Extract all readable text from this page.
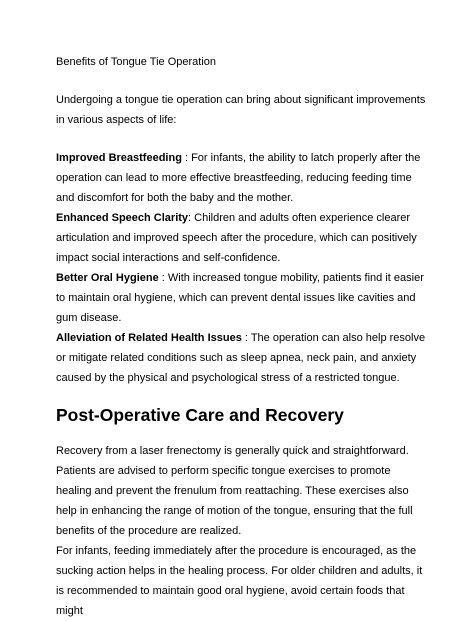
Benefits of Tongue Tie Operation

Undergoing a tongue tie operation can bring about significant improvements in various aspects of life:

Improved Breastfeeding : For infants, the ability to latch properly after the operation can lead to more effective breastfeeding, reducing feeding time and discomfort for both the baby and the mother.

Enhanced Speech Clarity: Children and adults often experience clearer articulation and improved speech after the procedure, which can positively impact social interactions and self-confidence.

Better Oral Hygiene : With increased tongue mobility, patients find it easier to maintain oral hygiene, which can prevent dental issues like cavities and gum disease.

Alleviation of Related Health Issues : The operation can also help resolve or mitigate related conditions such as sleep apnea, neck pain, and anxiety caused by the physical and psychological stress of a restricted tongue.

Post-Operative Care and Recovery

Recovery from a laser frenectomy is generally quick and straightforward. Patients are advised to perform specific tongue exercises to promote healing and prevent the frenulum from reattaching. These exercises also help in enhancing the range of motion of the tongue, ensuring that the full benefits of the procedure are realized.

For infants, feeding immediately after the procedure is encouraged, as the sucking action helps in the healing process. For older children and adults, it is recommended to maintain good oral hygiene, avoid certain foods that might
